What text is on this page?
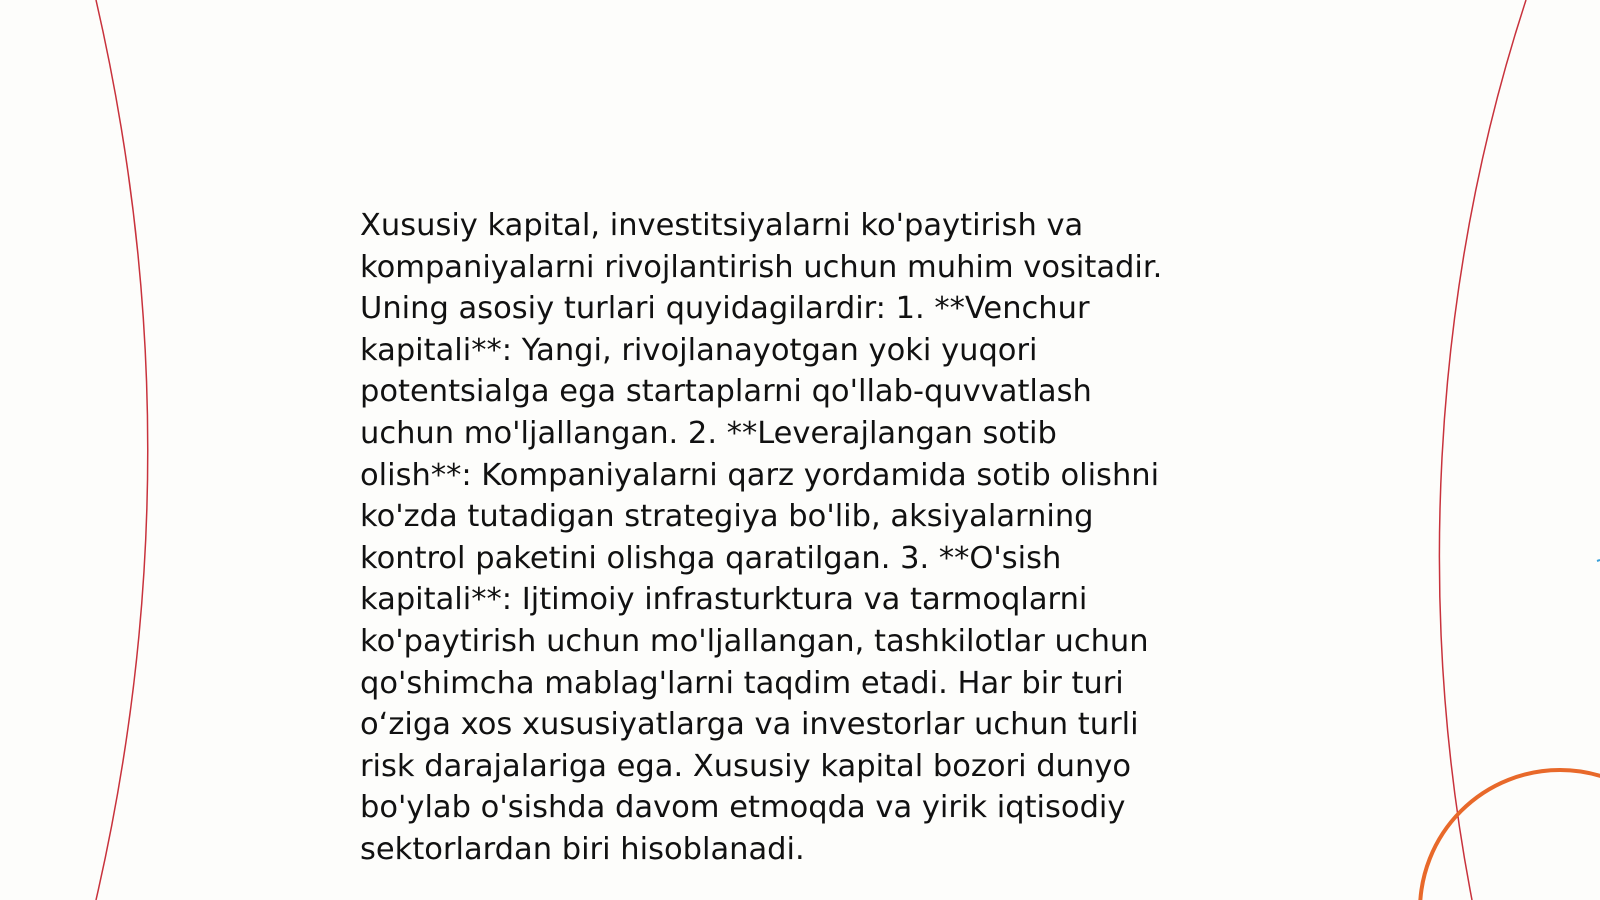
Xususiy kapital, investitsiyalarni ko'paytirish va
kompaniyalarni rivojlantirish uchun muhim vositadir.
Uning asosiy turlari quyidagilardir: 1. **Venchur
kapitali**: Yangi, rivojlanayotgan yoki yuqori
potentsialga ega startaplarni qo'llab-quvvatlash
uchun mo'ljallangan. 2. **Leverajlangan sotib
olish**: Kompaniyalarni qarz yordamida sotib olishni
ko'zda tutadigan strategiya bo'lib, aksiyalarning
kontrol paketini olishga qaratilgan. 3. **O'sish
kapitali**: Ijtimoiy infrasturktura va tarmoqlarni
ko'paytirish uchun mo'ljallangan, tashkilotlar uchun
qo'shimcha mablag'larni taqdim etadi. Har bir turi
o‘ziga xos xususiyatlarga va investorlar uchun turli
risk darajalariga ega. Xususiy kapital bozori dunyo
bo'ylab o'sishda davom etmoqda va yirik iqtisodiy
sektorlardan biri hisoblanadi.
